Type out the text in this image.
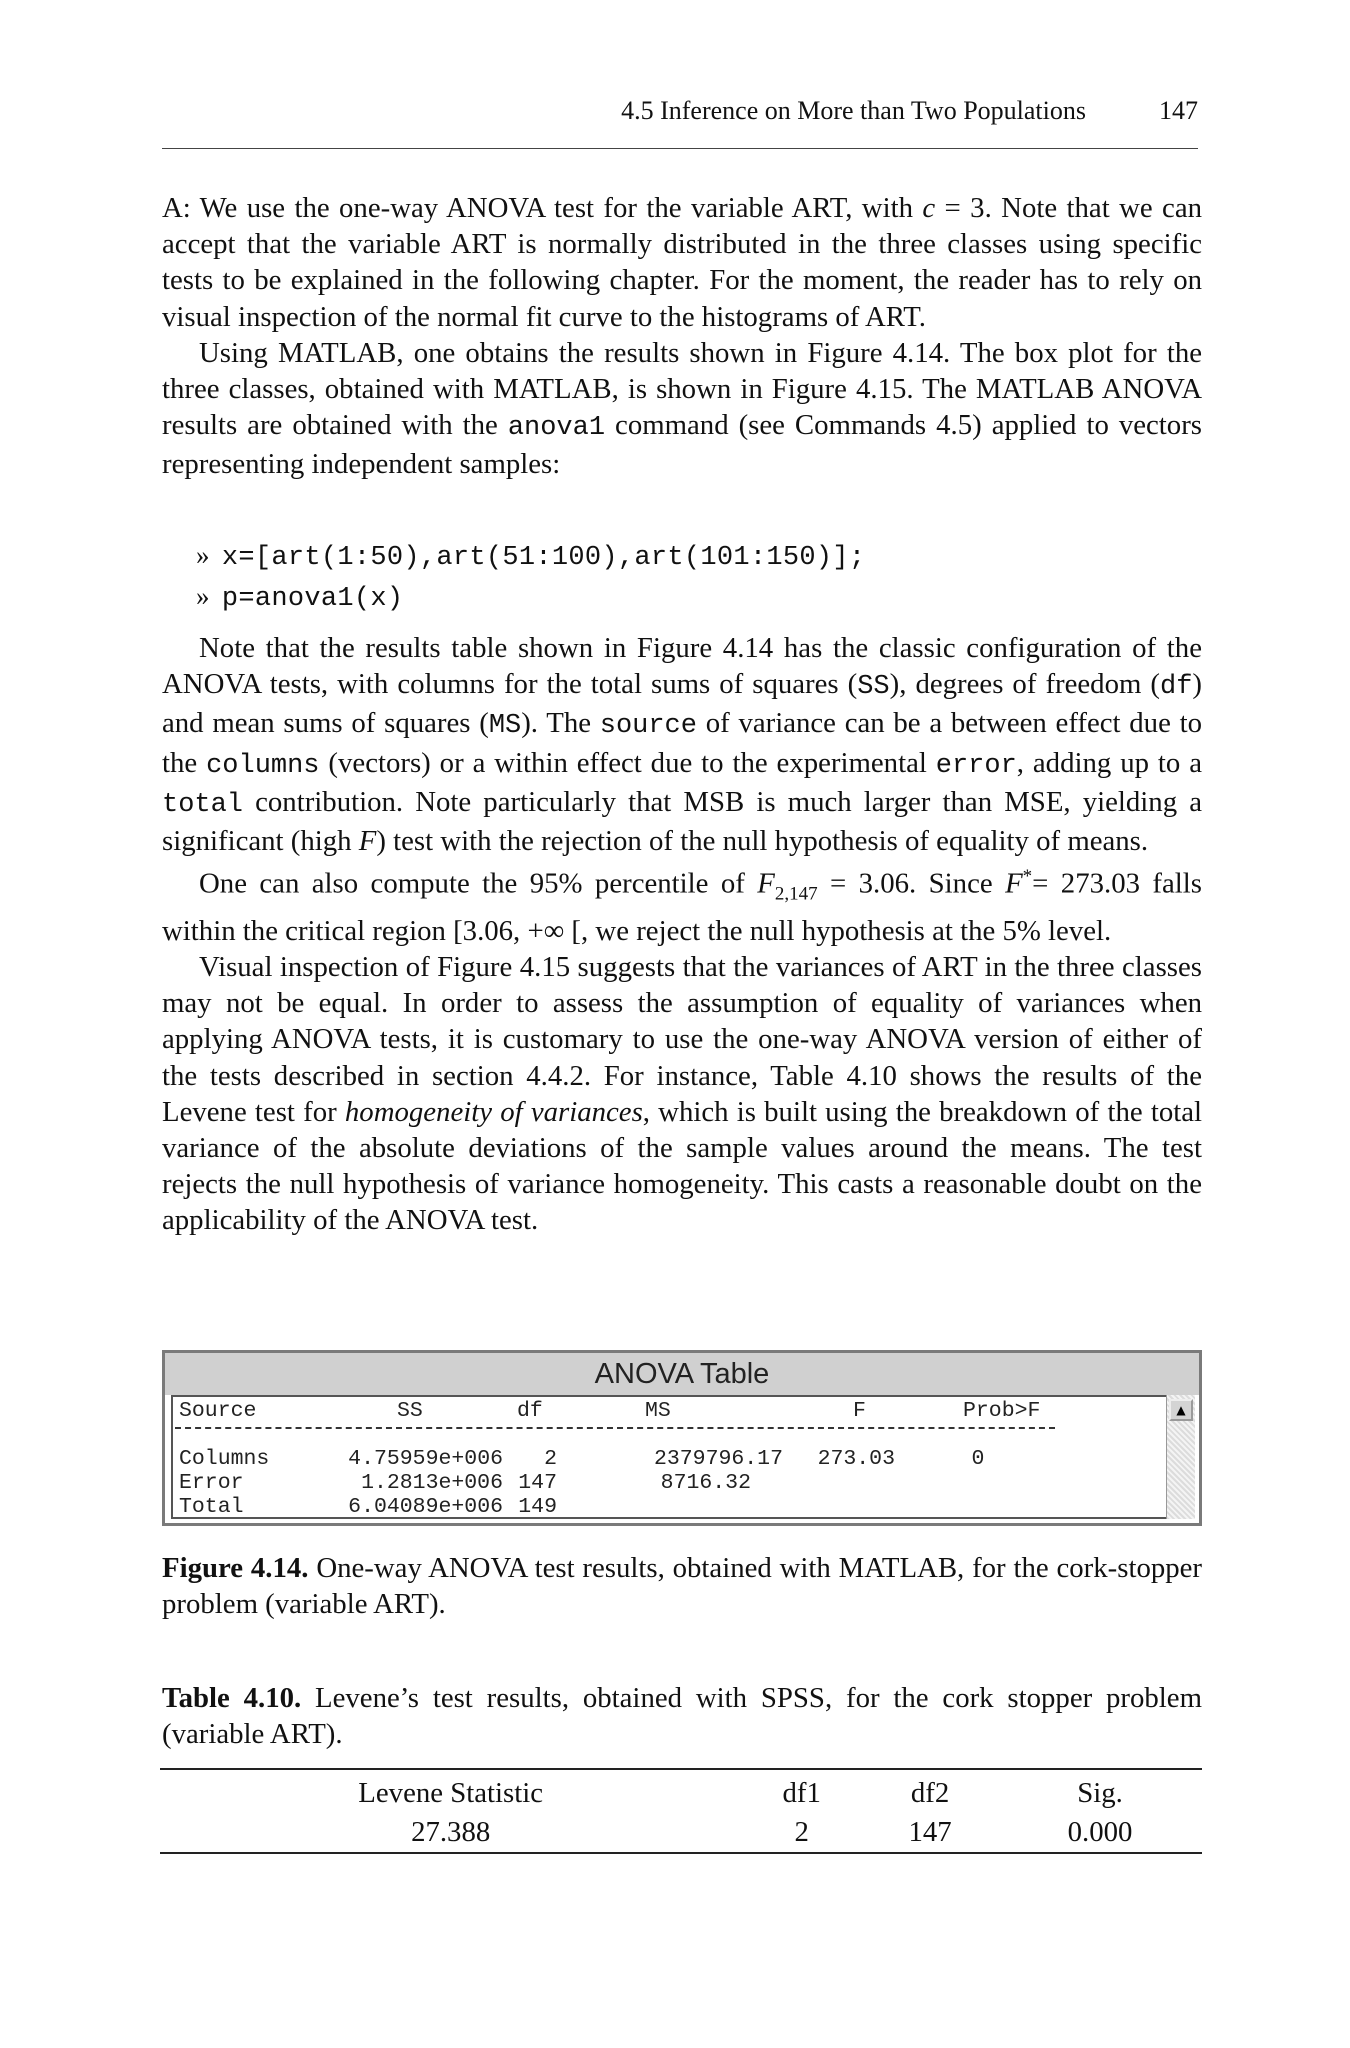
4.5 Inference on More than Two Populations	147

A: We use the one-way ANOVA test for the variable ART, with c = 3. Note that we can accept that the variable ART is normally distributed in the three classes using specific tests to be explained in the following chapter. For the moment, the reader has to rely on visual inspection of the normal fit curve to the histograms of ART.

Using MATLAB, one obtains the results shown in Figure 4.14. The box plot for the three classes, obtained with MATLAB, is shown in Figure 4.15. The MATLAB ANOVA results are obtained with the anova1 command (see Commands 4.5) applied to vectors representing independent samples:

» x=[art(1:50),art(51:100),art(101:150)];
» p=anova1(x)

Note that the results table shown in Figure 4.14 has the classic configuration of the ANOVA tests, with columns for the total sums of squares (SS), degrees of freedom (df) and mean sums of squares (MS). The source of variance can be a between effect due to the columns (vectors) or a within effect due to the experimental error, adding up to a total contribution. Note particularly that MSB is much larger than MSE, yielding a significant (high F) test with the rejection of the null hypothesis of equality of means.

One can also compute the 95% percentile of $F_{2,147} = 3.06$. Since F*= 273.03 falls within the critical region [3.06, +∞ [, we reject the null hypothesis at the 5% level.

Visual inspection of Figure 4.15 suggests that the variances of ART in the three classes may not be equal. In order to assess the assumption of equality of variances when applying ANOVA tests, it is customary to use the one-way ANOVA version of either of the tests described in section 4.4.2. For instance, Table 4.10 shows the results of the Levene test for homogeneity of variances, which is built using the breakdown of the total variance of the absolute deviations of the sample values around the means. The test rejects the null hypothesis of variance homogeneity. This casts a reasonable doubt on the applicability of the ANOVA test.

ANOVA Table
Source	SS	df	MS	F	Prob>F
Columns	4.75959e+006	2	2379796.17	273.03	0
Error	1.2813e+006 147	8716.32
Total	6.04089e+006 149
▲
Figure 4.14. One-way ANOVA test results, obtained with MATLAB, for the cork-stopper problem (variable ART).
Table 4.10. Levene’s test results, obtained with SPSS, for the cork stopper problem (variable ART).
Levene Statistic	df1	df2	Sig.
27.388	2	147	0.000
